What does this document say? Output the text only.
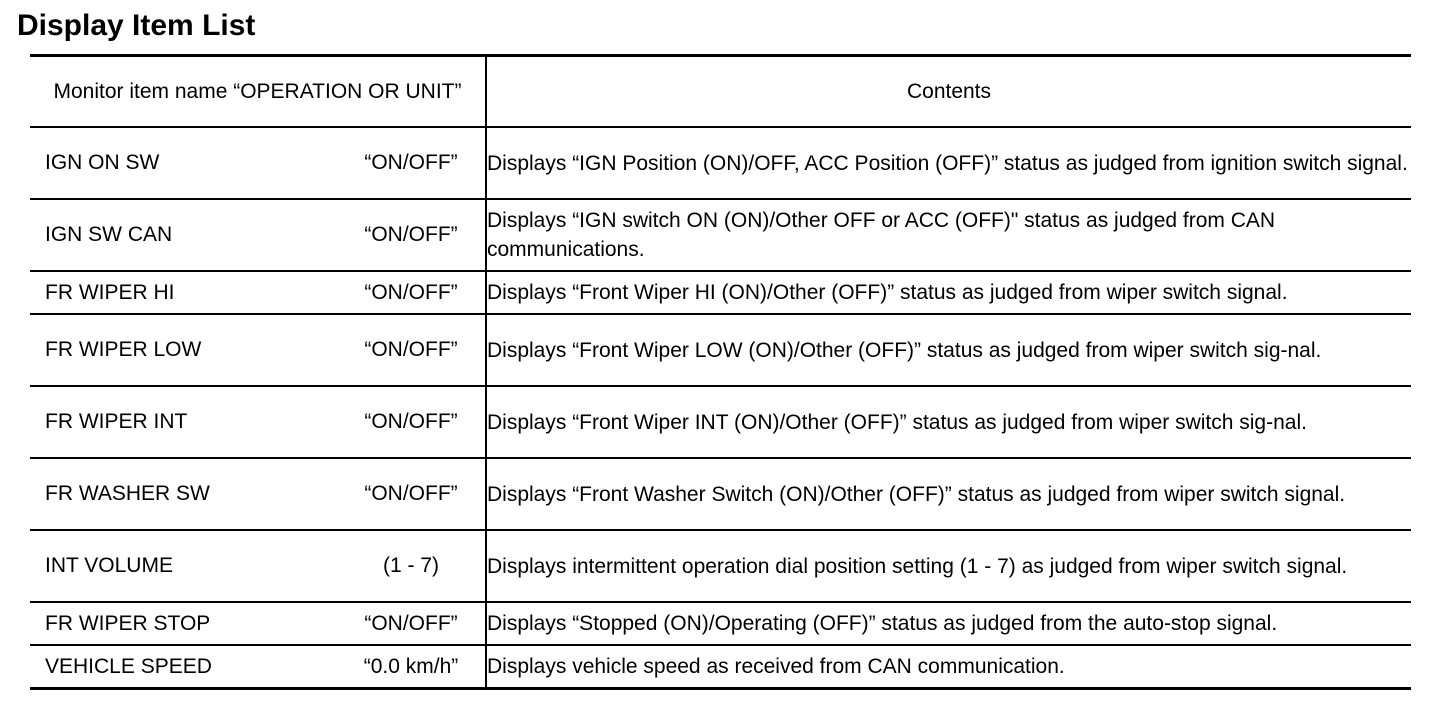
Display Item List
Monitor item name “OPERATION OR UNIT”	Contents

IGN ON SW “ON/OFF”	Displays “IGN Position (ON)/OFF, ACC Position (OFF)” status as judged from ignition switch signal.

IGN SW CAN “ON/OFF”	Displays “IGN switch ON (ON)/Other OFF or ACC (OFF)" status as judged from CAN communications.

FR WIPER HI “ON/OFF”	Displays “Front Wiper HI (ON)/Other (OFF)” status as judged from wiper switch signal.

FR WIPER LOW “ON/OFF”	Displays “Front Wiper LOW (ON)/Other (OFF)” status as judged from wiper switch sig-nal.

FR WIPER INT “ON/OFF”	Displays “Front Wiper INT (ON)/Other (OFF)” status as judged from wiper switch sig-nal.

FR WASHER SW “ON/OFF”	Displays “Front Washer Switch (ON)/Other (OFF)” status as judged from wiper switch signal.

INT VOLUME (1 - 7)	Displays intermittent operation dial position setting (1 - 7) as judged from wiper switch signal.

FR WIPER STOP “ON/OFF”	Displays “Stopped (ON)/Operating (OFF)” status as judged from the auto-stop signal.

VEHICLE SPEED “0.0 km/h”	Displays vehicle speed as received from CAN communication.
